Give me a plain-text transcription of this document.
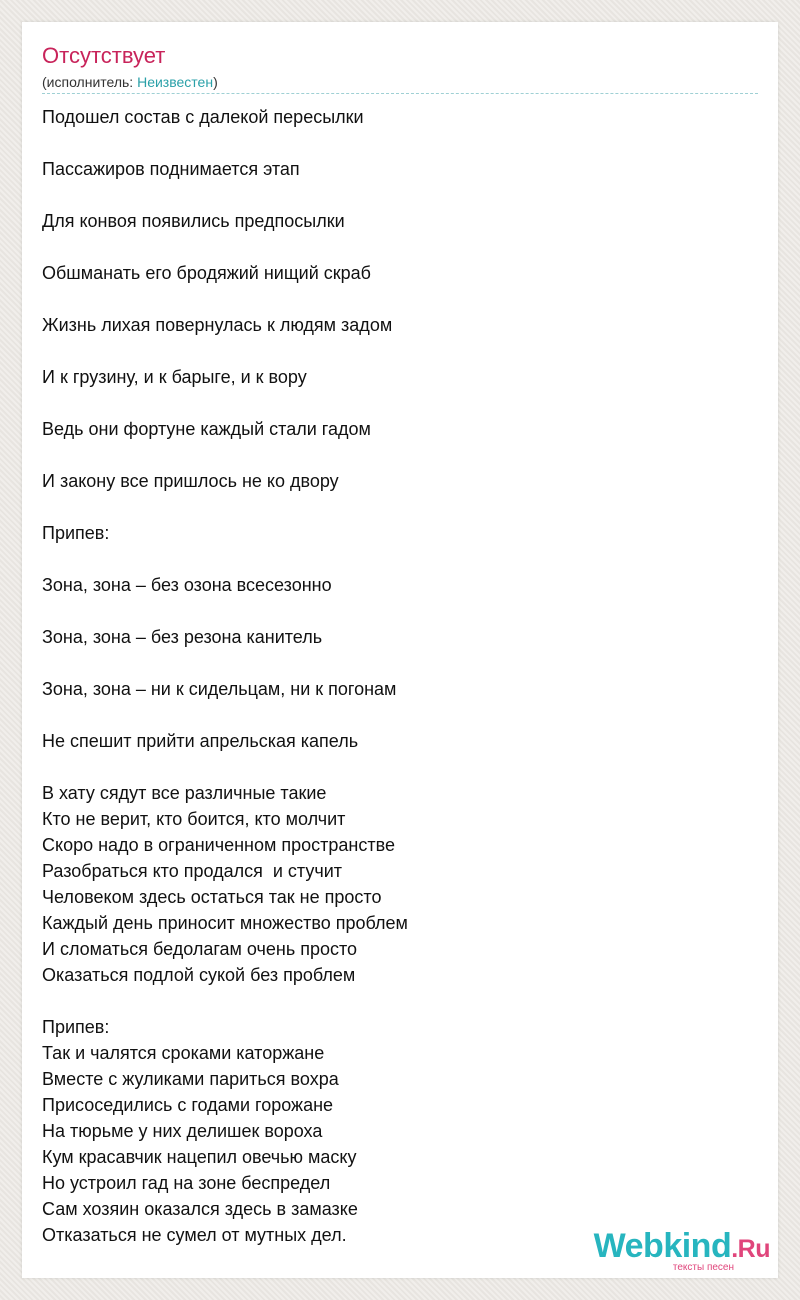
Отсутствует
(исполнитель: Неизвестен)
Подошел состав с далекой пересылки
Пассажиров поднимается этап
Для конвоя появились предпосылки
Обшманать его бродяжий нищий скраб
Жизнь лихая повернулась к людям задом
И к грузину, и к барыге, и к вору
Ведь они фортуне каждый стали гадом
И закону все пришлось не ко двору
Припев:
Зона, зона – без озона всесезонно
Зона, зона – без резона канитель
Зона, зона – ни к сидельцам, ни к погонам
Не спешит прийти апрельская капель
В хату сядут все различные такие
Кто не верит, кто боится, кто молчит
Скоро надо в ограниченном пространстве
Разобраться кто продался  и стучит
Человеком здесь остаться так не просто
Каждый день приносит множество проблем
И сломаться бедолагам очень просто
Оказаться подлой сукой без проблем
Припев:
Так и чалятся сроками каторжане
Вместе с жуликами париться вохра
Присоседились с годами горожане
На тюрьме у них делишек вороха
Кум красавчик нацепил овечью маску
Но устроил гад на зоне беспредел
Сам хозяин оказался здесь в замазке
Отказаться не сумел от мутных дел.	Webkind.Ru
тексты песен
